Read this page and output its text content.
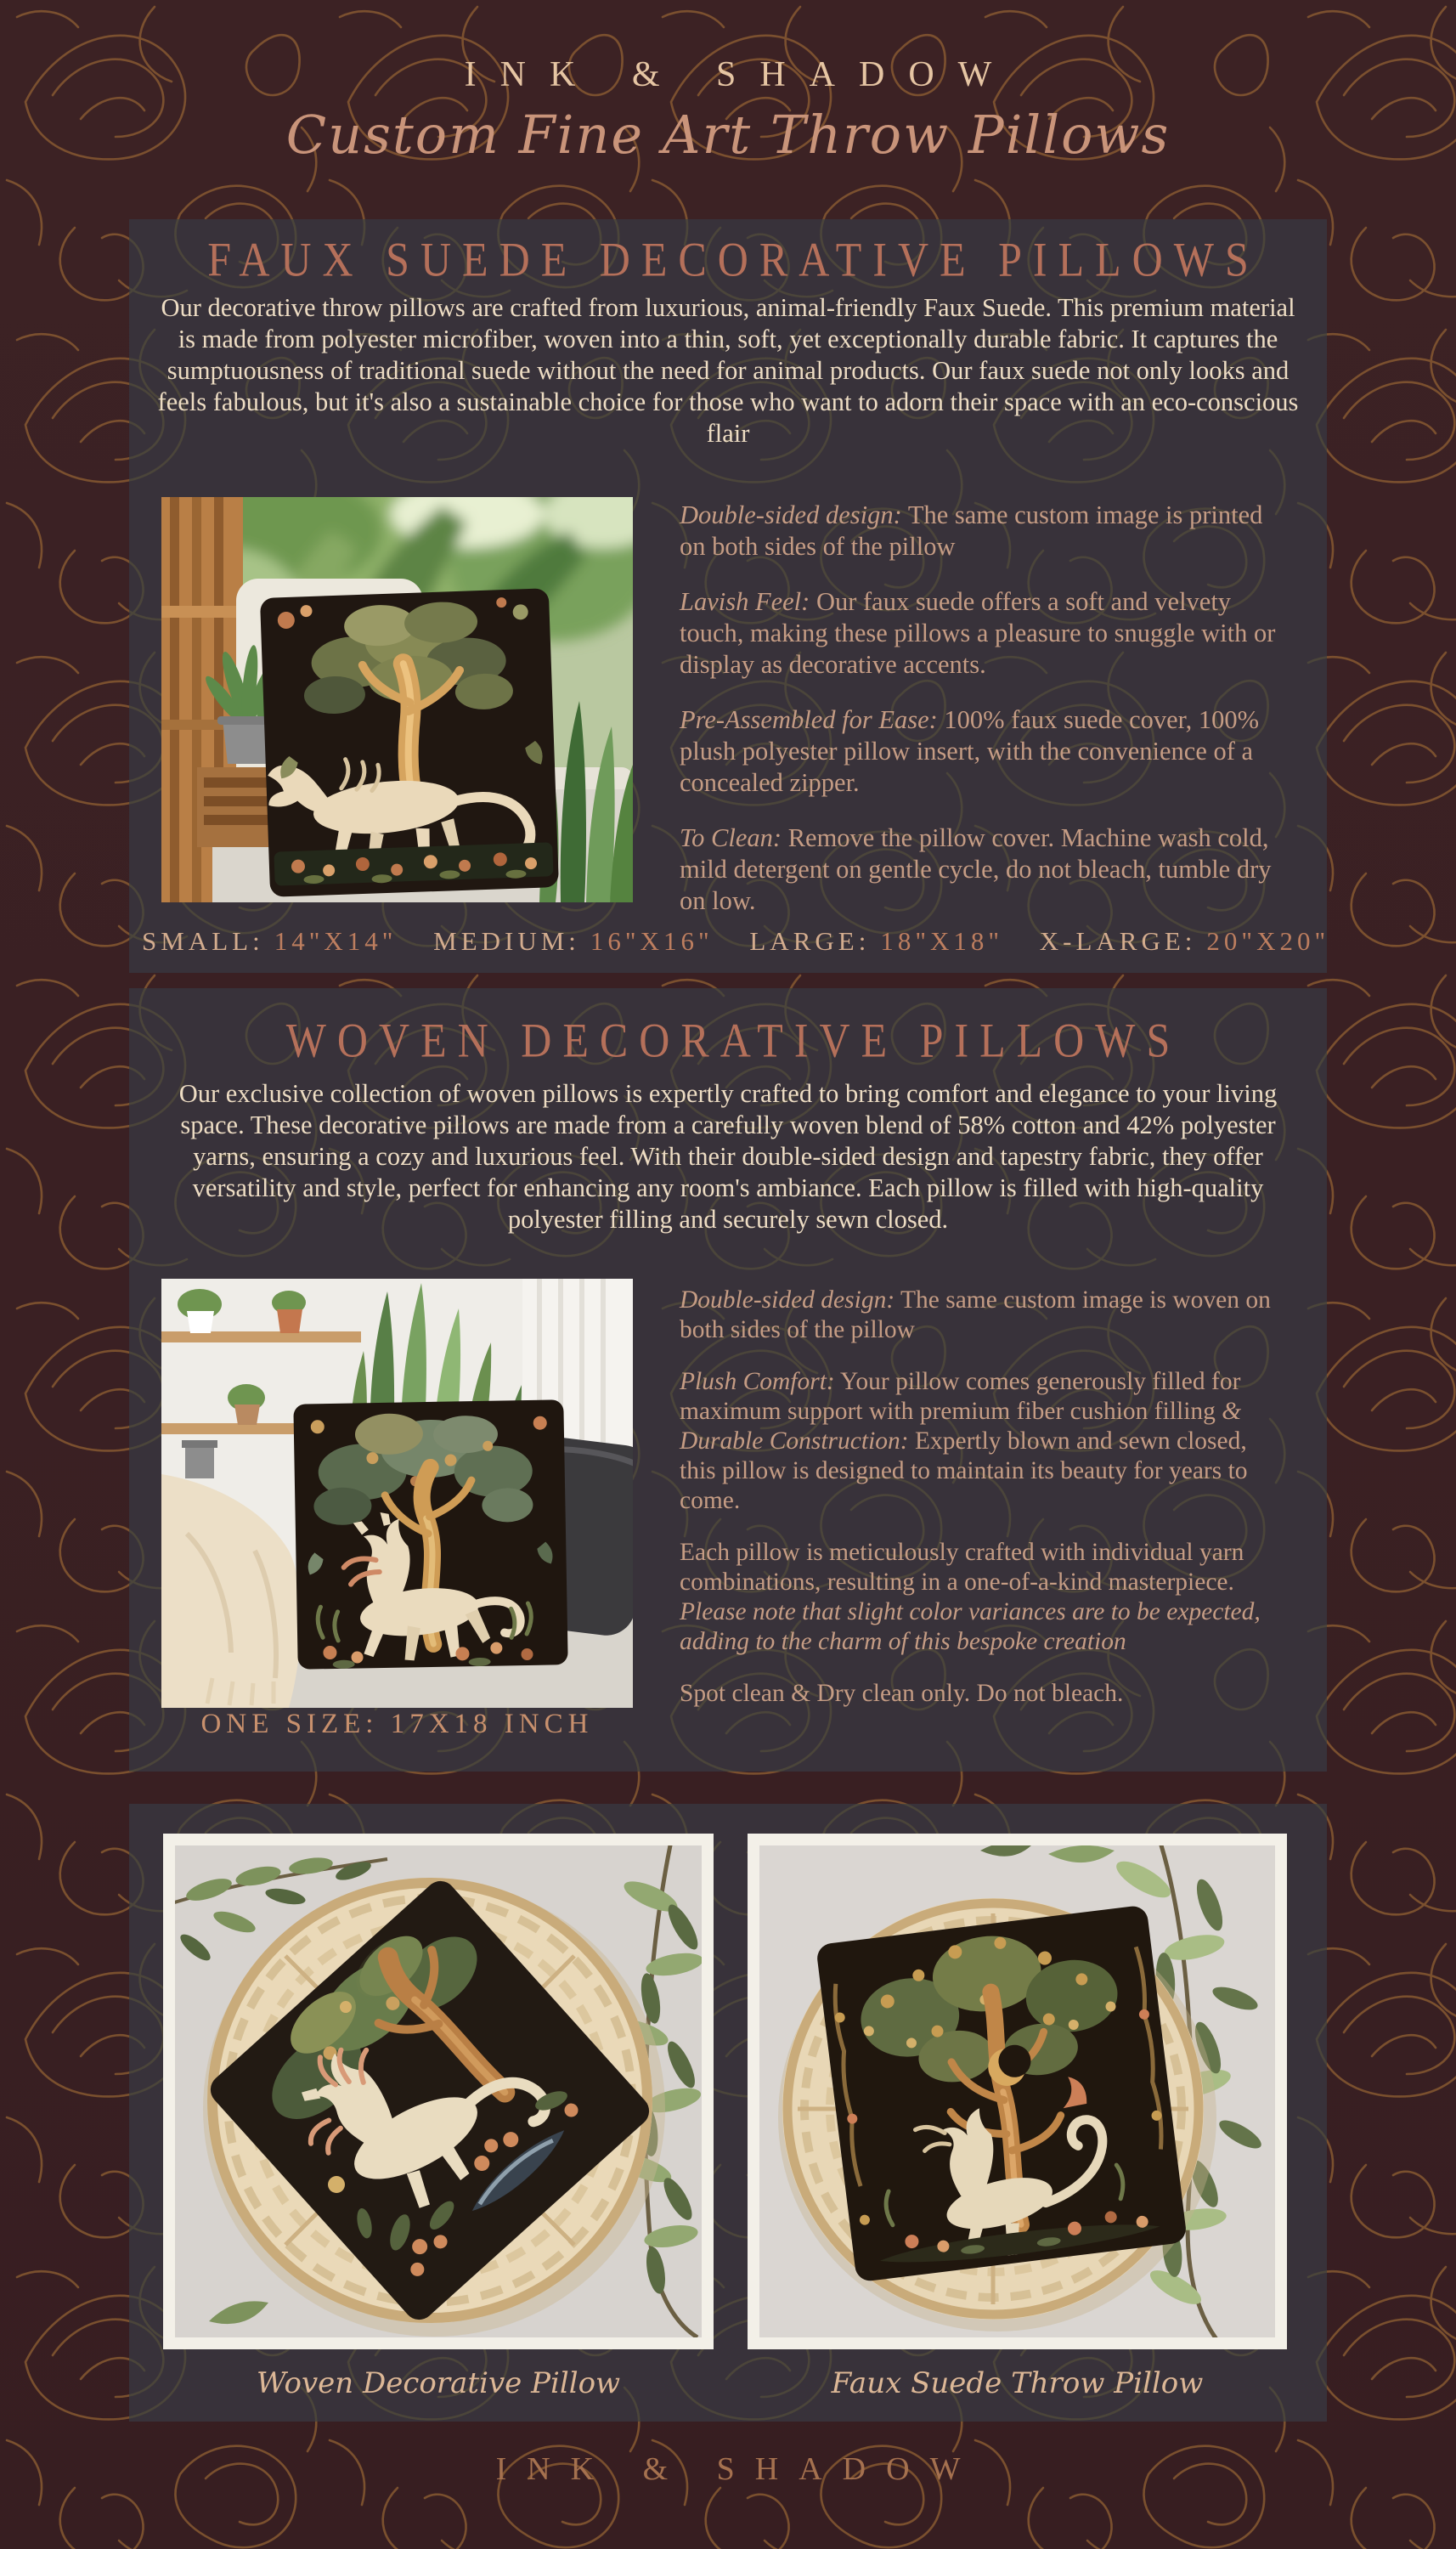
INK & SHADOW
Custom Fine Art Throw Pillows
FAUX SUEDE DECORATIVE PILLOWS
Our decorative throw pillows are crafted from luxurious, animal-friendly Faux Suede. This premium material is made from polyester microfiber, woven into a thin, soft, yet exceptionally durable fabric. It captures the sumptuousness of traditional suede without the need for animal products. Our faux suede not only looks and feels fabulous, but it's also a sustainable choice for those who want to adorn their space with an eco-conscious flair

Double-sided design: The same custom image is printed on both sides of the pillow

Lavish Feel: Our faux suede offers a soft and velvety touch, making these pillows a pleasure to snuggle with or display as decorative accents.

Pre-Assembled for Ease: 100% faux suede cover, 100% plush polyester pillow insert, with the convenience of a concealed zipper.

To Clean: Remove the pillow cover. Machine wash cold, mild detergent on gentle cycle, do not bleach, tumble dry on low.

SMALL: 14"X14" MEDIUM: 16"X16" LARGE: 18"X18" X-LARGE: 20"X20"
WOVEN DECORATIVE PILLOWS
Our exclusive collection of woven pillows is expertly crafted to bring comfort and elegance to your living space. These decorative pillows are made from a carefully woven blend of 58% cotton and 42% polyester yarns, ensuring a cozy and luxurious feel. With their double-sided design and tapestry fabric, they offer versatility and style, perfect for enhancing any room's ambiance. Each pillow is filled with high-quality polyester filling and securely sewn closed.

Double-sided design: The same custom image is woven on both sides of the pillow

Plush Comfort: Your pillow comes generously filled for maximum support with premium fiber cushion filling & Durable Construction: Expertly blown and sewn closed, this pillow is designed to maintain its beauty for years to come.

Each pillow is meticulously crafted with individual yarn combinations, resulting in a one-of-a-kind masterpiece. Please note that slight color variances are to be expected, adding to the charm of this bespoke creation

Spot clean & Dry clean only. Do not bleach.

ONE SIZE: 17X18 INCH
Woven Decorative Pillow	Faux Suede Throw Pillow
INK & SHADOW
